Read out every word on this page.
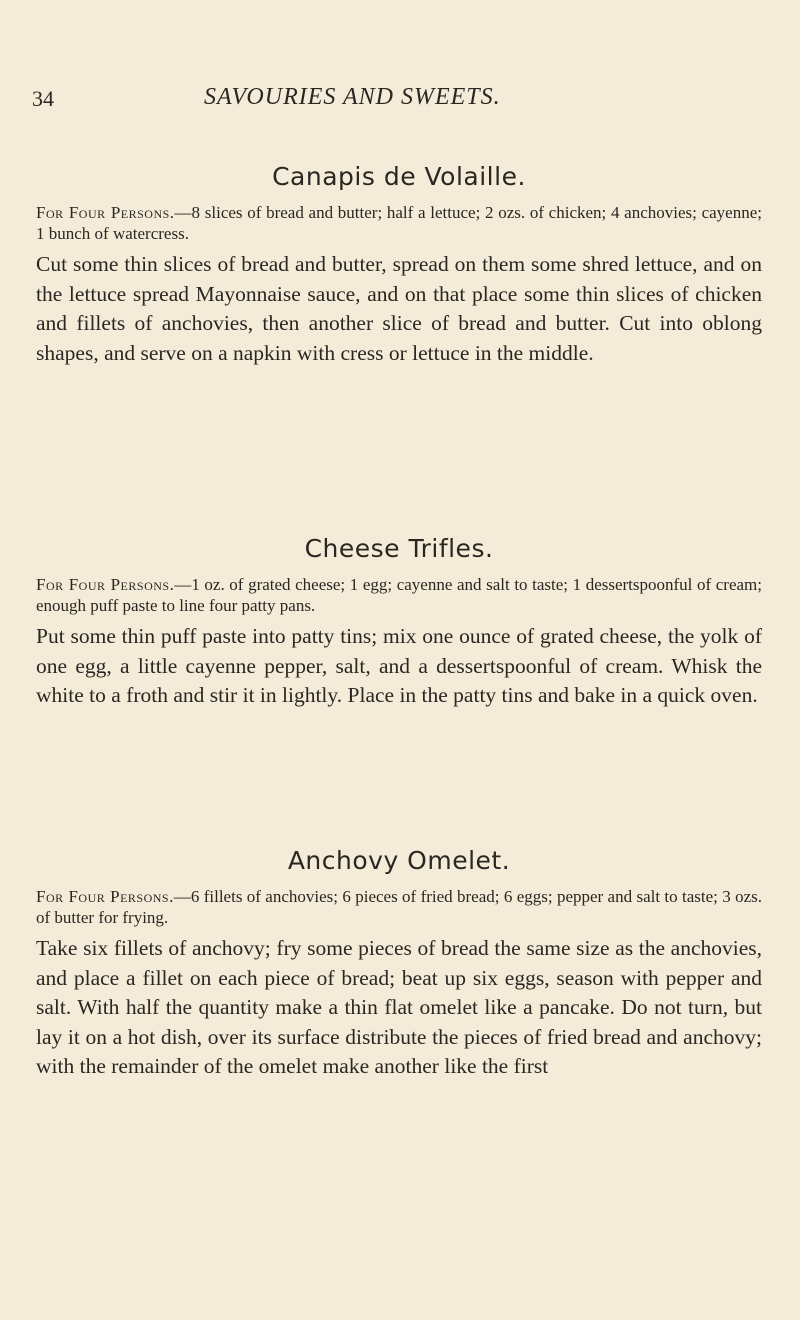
34	SAVOURIES AND SWEETS.
Canapis de Volaille.

For Four Persons.—8 slices of bread and butter; half a lettuce; 2 ozs. of chicken; 4 anchovies; cayenne; 1 bunch of watercress.

Cut some thin slices of bread and butter, spread on them some shred lettuce, and on the lettuce spread Mayonnaise sauce, and on that place some thin slices of chicken and fillets of anchovies, then another slice of bread and butter. Cut into oblong shapes, and serve on a napkin with cress or lettuce in the middle.

Cheese Trifles.

For Four Persons.—1 oz. of grated cheese; 1 egg; cayenne and salt to taste; 1 dessertspoonful of cream; enough puff paste to line four patty pans.

Put some thin puff paste into patty tins; mix one ounce of grated cheese, the yolk of one egg, a little cayenne pepper, salt, and a dessertspoonful of cream. Whisk the white to a froth and stir it in lightly. Place in the patty tins and bake in a quick oven.

Anchovy Omelet.

For Four Persons.—6 fillets of anchovies; 6 pieces of fried bread; 6 eggs; pepper and salt to taste; 3 ozs. of butter for frying.

Take six fillets of anchovy; fry some pieces of bread the same size as the anchovies, and place a fillet on each piece of bread; beat up six eggs, season with pepper and salt. With half the quantity make a thin flat omelet like a pancake. Do not turn, but lay it on a hot dish, over its surface distribute the pieces of fried bread and anchovy; with the remainder of the omelet make another like the first
